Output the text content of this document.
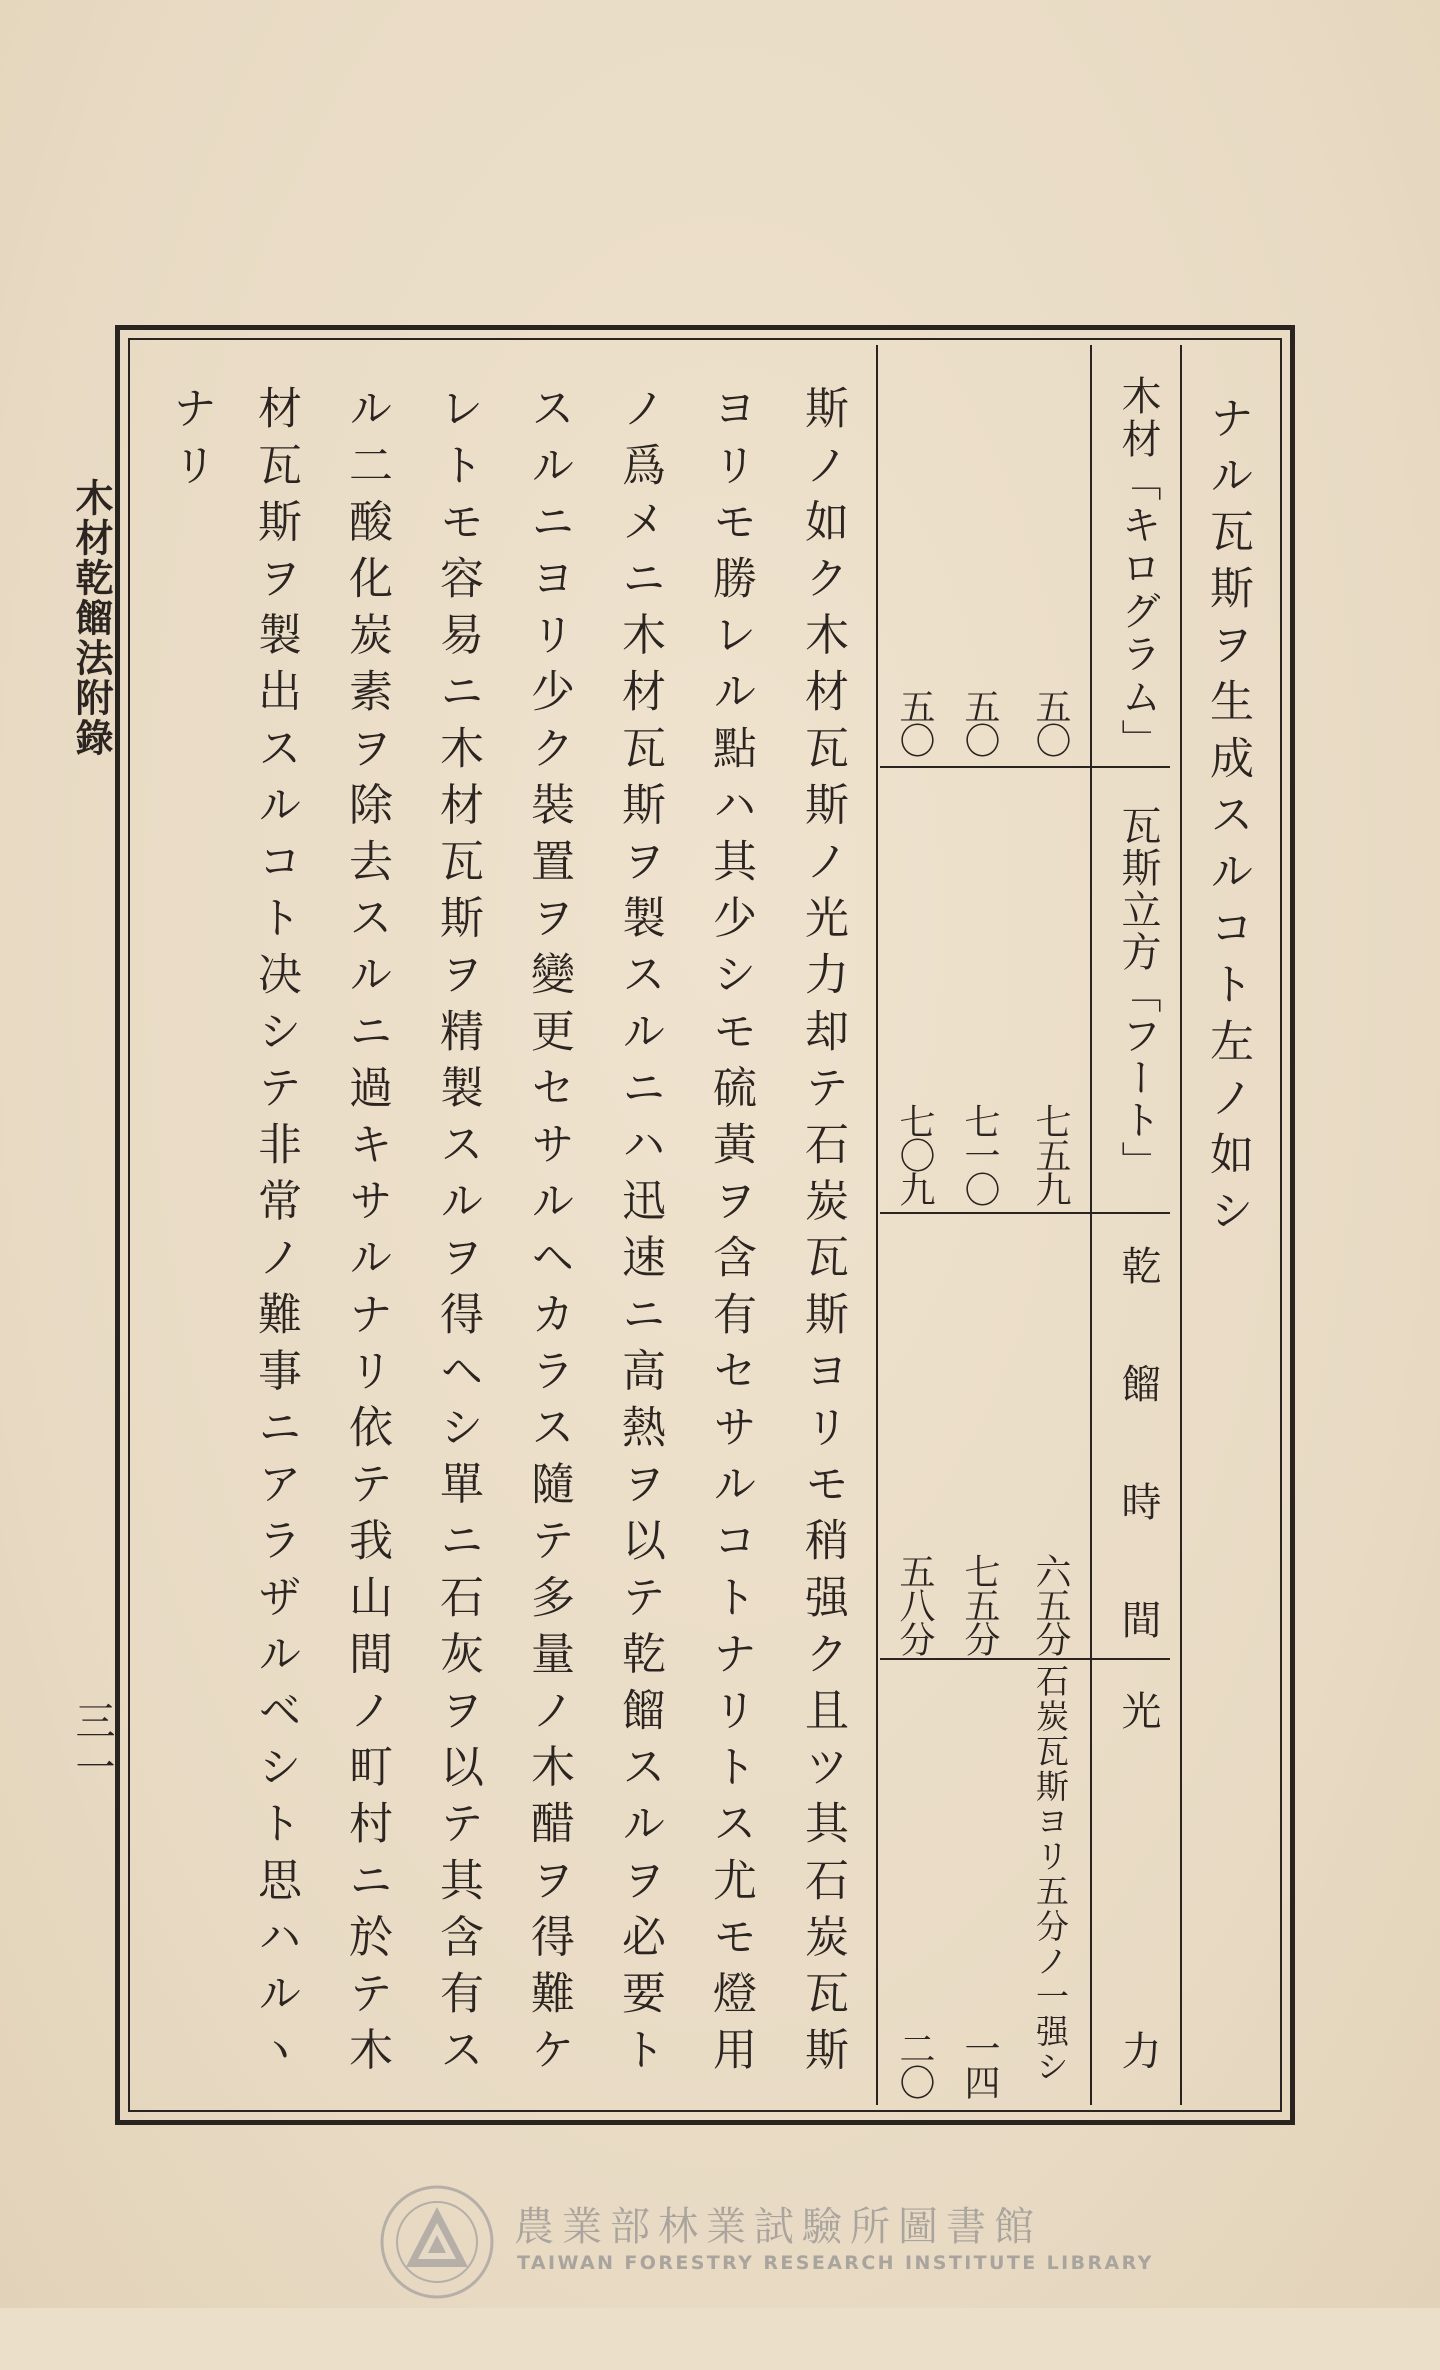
木材乾餾法附錄
三一
ナル瓦斯ヲ生成スルコト左ノ如シ
木材「キログラム」
瓦斯立方「フート」
乾餾時間
光力
五〇
七五九
六五分
石炭瓦斯ヨリ五分ノ一强シ
五〇
七一〇
七五分
一四
五〇
七〇九
五八分
二〇
斯ノ如ク木材瓦斯ノ光力却テ石炭瓦斯ヨリモ稍强ク且ツ其石炭瓦斯
ヨリモ勝レル點ハ其少シモ硫黃ヲ含有セサルコトナリトス尤モ燈用
ノ爲メニ木材瓦斯ヲ製スルニハ迅速ニ高熱ヲ以テ乾餾スルヲ必要ト
スルニヨリ少ク裝置ヲ變更セサルヘカラス隨テ多量ノ木醋ヲ得難ケ
レトモ容易ニ木材瓦斯ヲ精製スルヲ得ヘシ單ニ石灰ヲ以テ其含有ス
ル二酸化炭素ヲ除去スルニ過キサルナリ依テ我山間ノ町村ニ於テ木
材瓦斯ヲ製出スルコト决シテ非常ノ難事ニアラザルベシト思ハルヽ
ナリ
農業部林業試驗所圖書館
TAIWAN FORESTRY RESEARCH INSTITUTE LIBRARY
